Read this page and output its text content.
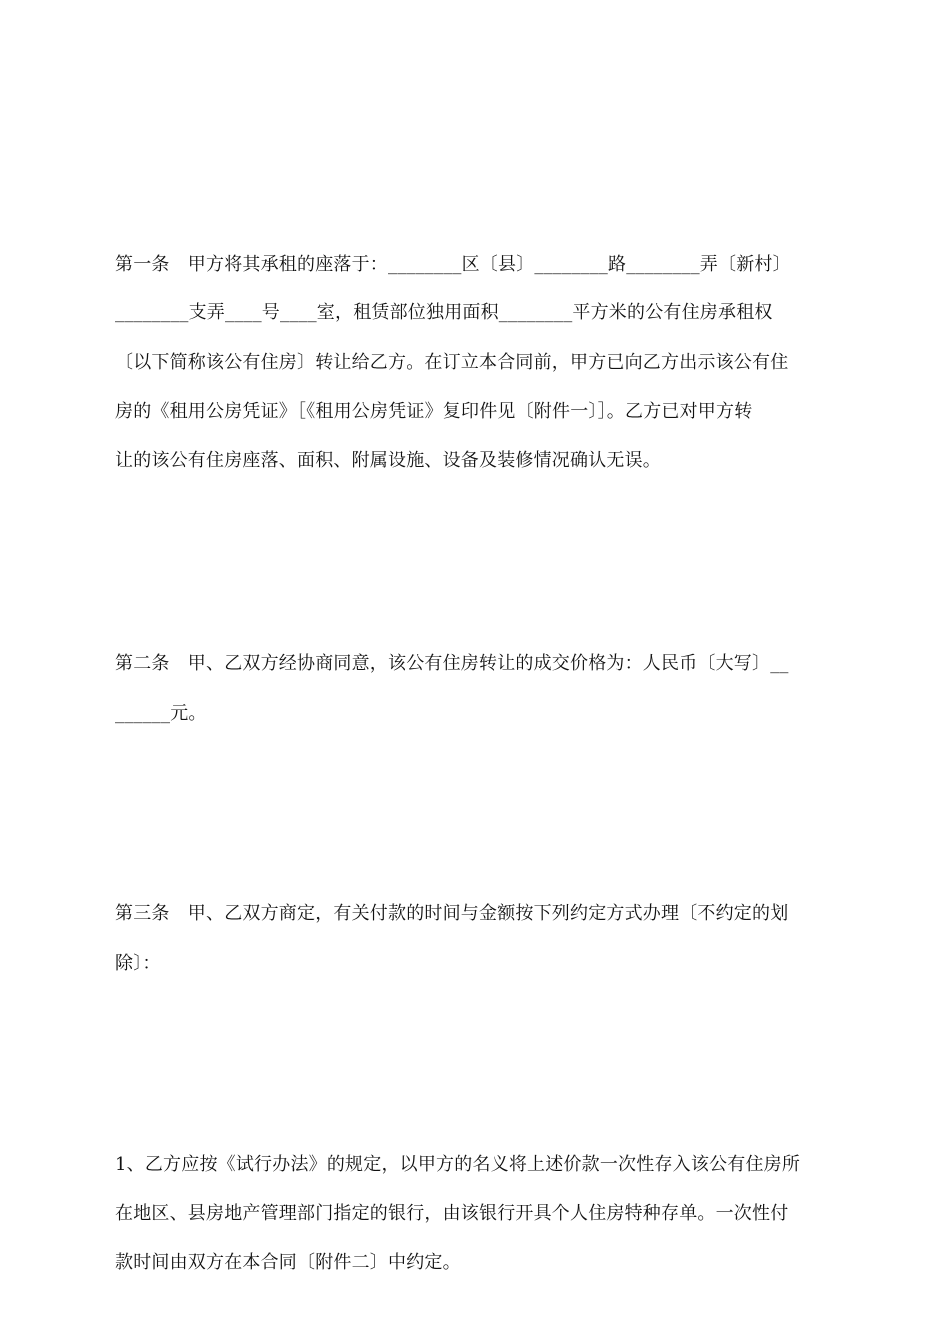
第一条　甲方将其承租的座落于：________区〔县〕________路________弄〔新村〕
________支弄____号____室，租赁部位独用面积________平方米的公有住房承租权
〔以下简称该公有住房〕转让给乙方。在订立本合同前，甲方已向乙方出示该公有住
房的《租用公房凭证》［《租用公房凭证》复印件见〔附件一〕］。乙方已对甲方转
让的该公有住房座落、面积、附属设施、设备及装修情况确认无误。
第二条　甲、乙双方经协商同意，该公有住房转让的成交价格为：人民币〔大写〕__
______元。
第三条　甲、乙双方商定，有关付款的时间与金额按下列约定方式办理〔不约定的划
除〕：
1、乙方应按《试行办法》的规定，以甲方的名义将上述价款一次性存入该公有住房所
在地区、县房地产管理部门指定的银行，由该银行开具个人住房特种存单。一次性付
款时间由双方在本合同〔附件二〕中约定。
